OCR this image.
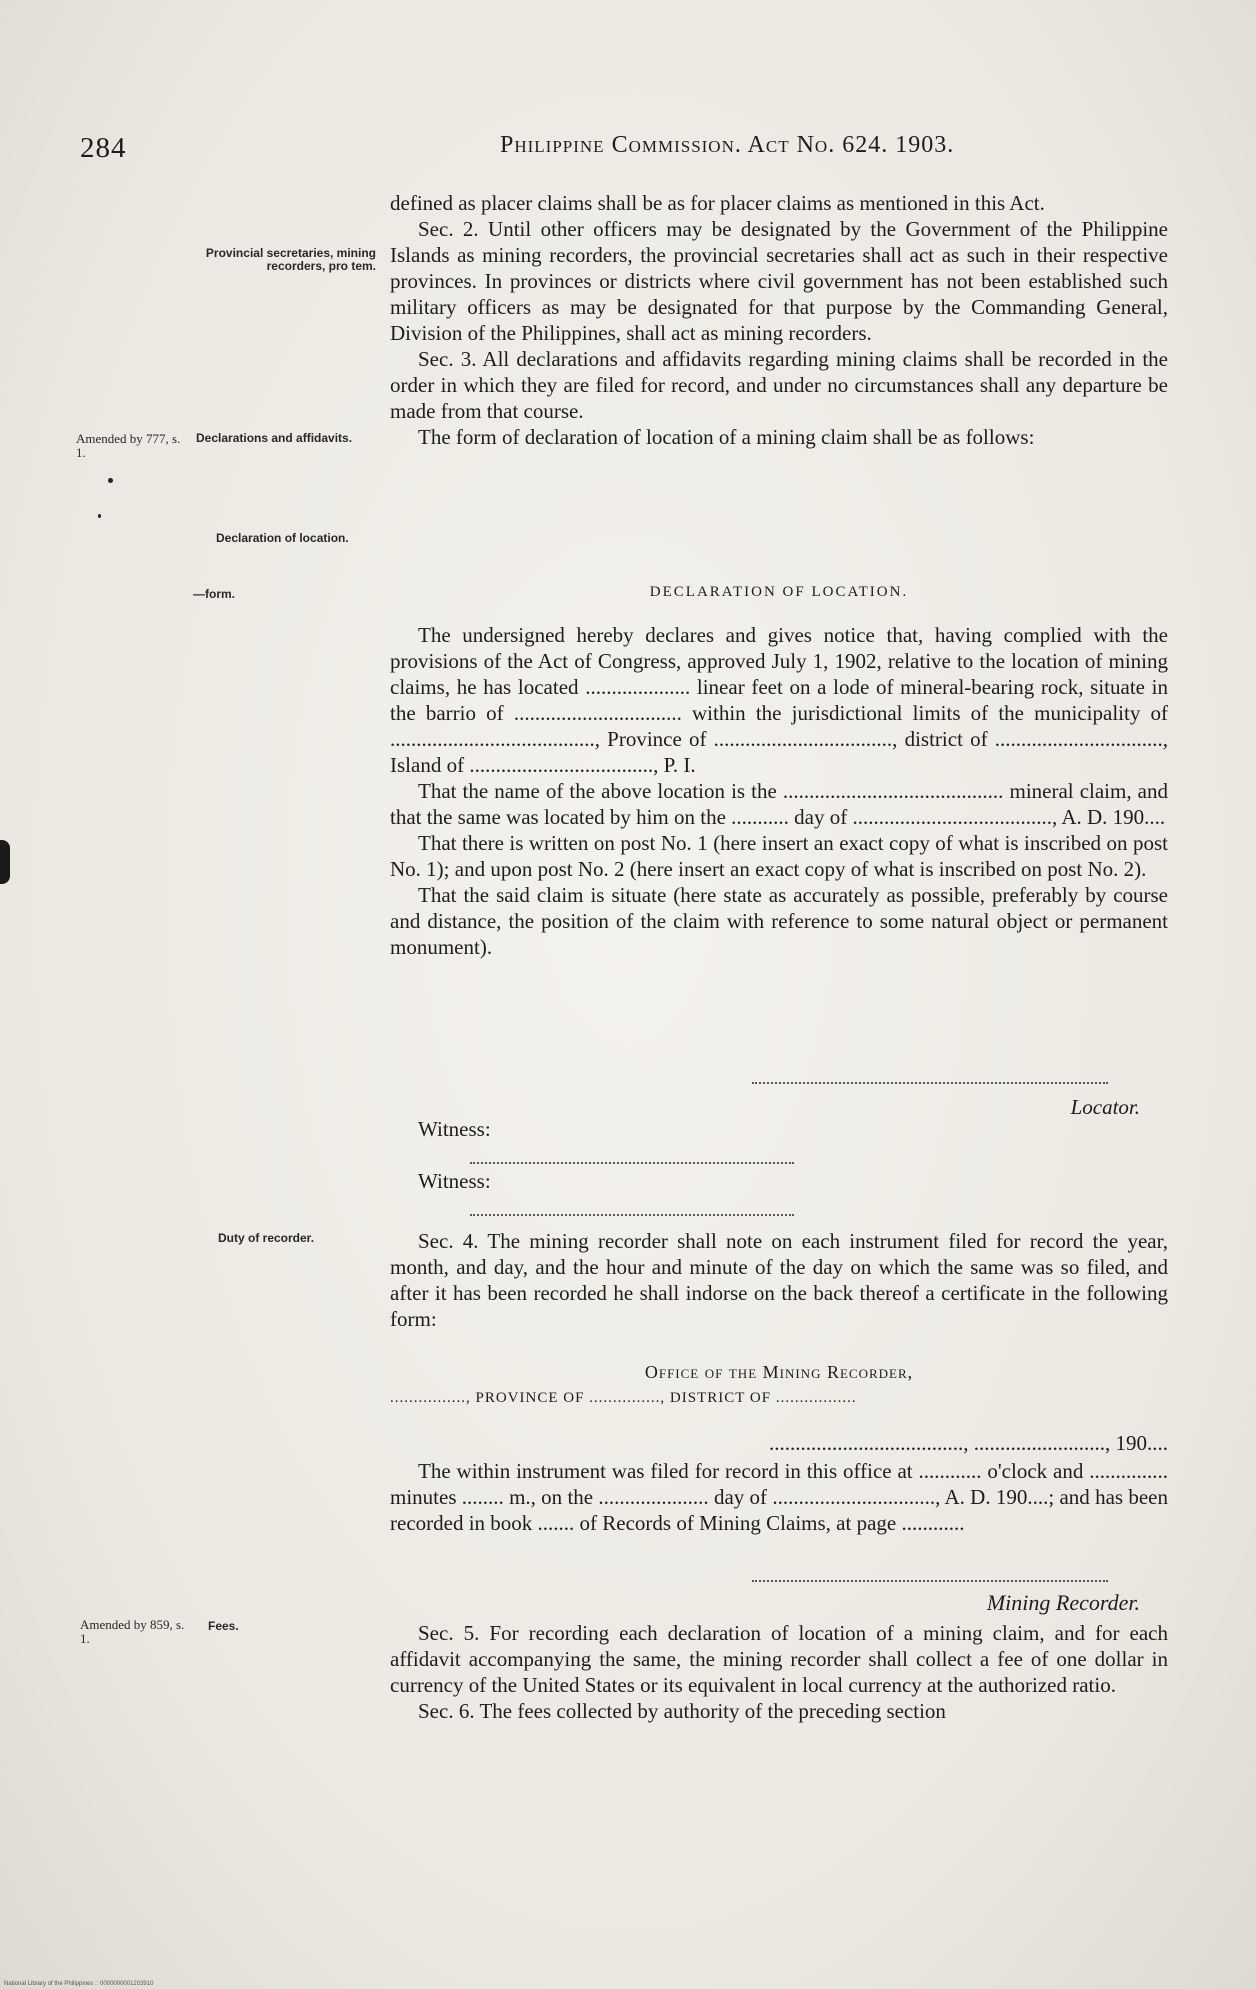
284	Philippine Commission. Act No. 624. 1903.
Provincial secretaries, mining recorders, pro tem.
Amended by 777, s. 1.
Declarations and affidavits.
Declaration of location.
—form.
Duty of recorder.
Amended by 859, s. 1.
Fees.

defined as placer claims shall be as for placer claims as mentioned in this Act.

Sec. 2. Until other officers may be designated by the Government of the Philippine Islands as mining recorders, the provincial secretaries shall act as such in their respective provinces. In provinces or districts where civil government has not been established such military officers as may be designated for that purpose by the Commanding General, Division of the Philippines, shall act as mining recorders.

Sec. 3. All declarations and affidavits regarding mining claims shall be recorded in the order in which they are filed for record, and under no circumstances shall any departure be made from that course.

The form of declaration of location of a mining claim shall be as follows:

DECLARATION OF LOCATION.

The undersigned hereby declares and gives notice that, having complied with the provisions of the Act of Congress, approved July 1, 1902, relative to the location of mining claims, he has located .................... linear feet on a lode of mineral-bearing rock, situate in the barrio of ................................ within the jurisdictional limits of the municipality of ......................................., Province of .................................., district of ................................, Island of ..................................., P. I.

That the name of the above location is the .......................................... mineral claim, and that the same was located by him on the ........... day of ......................................, A. D. 190....

That there is written on post No. 1 (here insert an exact copy of what is inscribed on post No. 1); and upon post No. 2 (here insert an exact copy of what is inscribed on post No. 2).

That the said claim is situate (here state as accurately as possible, preferably by course and distance, the position of the claim with reference to some natural object or permanent monument).

Locator.
Witness:
Witness:

Sec. 4. The mining recorder shall note on each instrument filed for record the year, month, and day, and the hour and minute of the day on which the same was so filed, and after it has been recorded he shall indorse on the back thereof a certificate in the following form:

Office of the Mining Recorder,
................, PROVINCE OF ..............., DISTRICT OF .................
....................................., ........................., 190....

The within instrument was filed for record in this office at ............ o'clock and ............... minutes ........ m., on the ..................... day of ..............................., A. D. 190....; and has been recorded in book ....... of Records of Mining Claims, at page ............

Mining Recorder.

Sec. 5. For recording each declaration of location of a mining claim, and for each affidavit accompanying the same, the mining recorder shall collect a fee of one dollar in currency of the United States or its equivalent in local currency at the authorized ratio.

Sec. 6. The fees collected by authority of the preceding section

National Library of the Philippines :: 0000000001203910
